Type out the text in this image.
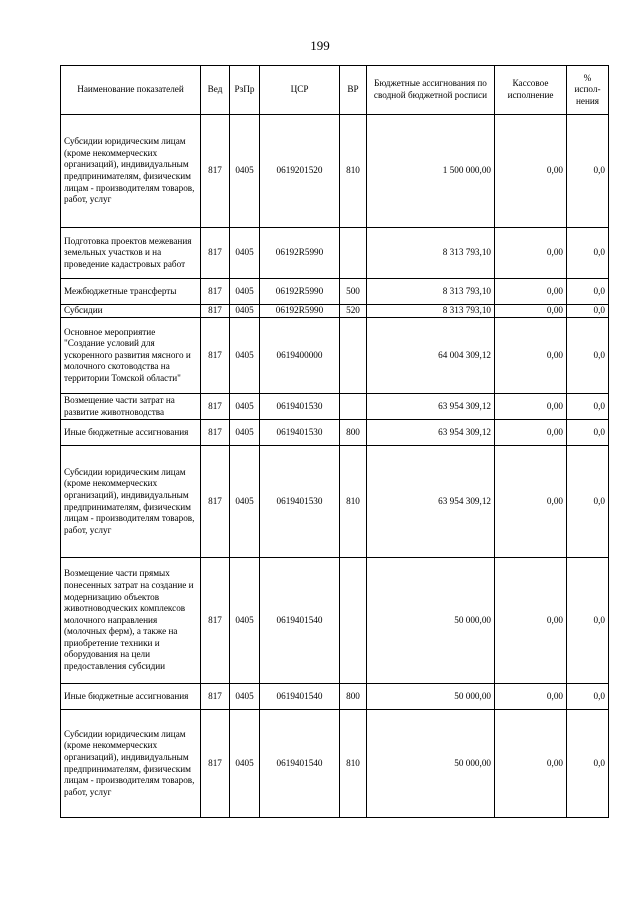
199
Наименование показателей	Вед	РзПр	ЦСР	ВР	Бюджетные ассигнования по сводной бюджетной росписи	Кассовое исполнение	% испол-нения
Субсидии юридическим лицам (кроме некоммерческих организаций), индивидуальным предпринимателям, физическим лицам - производителям товаров, работ, услуг	817	0405	0619201520	810	1 500 000,00	0,00	0,0
Подготовка проектов межевания земельных участков и на проведение кадастровых работ	817	0405	06192R5990		8 313 793,10	0,00	0,0
Межбюджетные трансферты	817	0405	06192R5990	500	8 313 793,10	0,00	0,0
Субсидии	817	0405	06192R5990	520	8 313 793,10	0,00	0,0
Основное мероприятие "Создание условий для ускоренного развития мясного и молочного скотоводства на территории Томской области"	817	0405	0619400000		64 004 309,12	0,00	0,0
Возмещение части затрат на развитие животноводства	817	0405	0619401530		63 954 309,12	0,00	0,0
Иные бюджетные ассигнования	817	0405	0619401530	800	63 954 309,12	0,00	0,0
Субсидии юридическим лицам (кроме некоммерческих организаций), индивидуальным предпринимателям, физическим лицам - производителям товаров, работ, услуг	817	0405	0619401530	810	63 954 309,12	0,00	0,0
Возмещение части прямых понесенных затрат на создание и модернизацию объектов животноводческих комплексов молочного направления (молочных ферм), а также на приобретение техники и оборудования на цели предоставления субсидии	817	0405	0619401540		50 000,00	0,00	0,0
Иные бюджетные ассигнования	817	0405	0619401540	800	50 000,00	0,00	0,0
Субсидии юридическим лицам (кроме некоммерческих организаций), индивидуальным предпринимателям, физическим лицам - производителям товаров, работ, услуг	817	0405	0619401540	810	50 000,00	0,00	0,0
